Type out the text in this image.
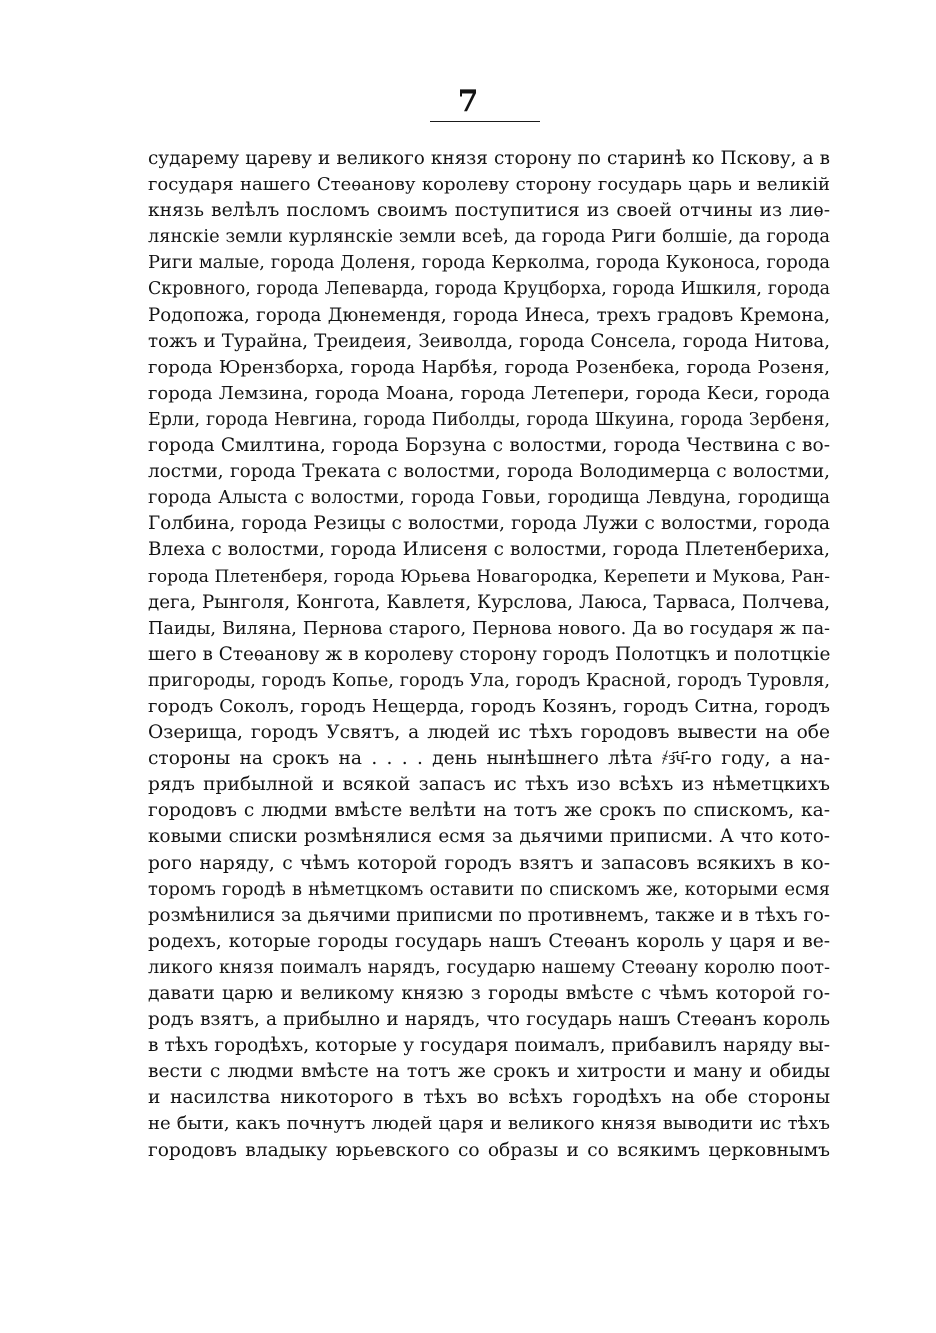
7
сударему цареву и великого князя сторону по старинѣ ко Пскову, а в
государя нашего Стеѳанову королеву сторону государь царь и великій
князь велѣлъ посломъ своимъ поступитися из своей отчины из лиѳ-
лянскіе земли курлянскіе земли всеѣ, да города Риги болшіе, да города
Риги малые, города Доленя, города Керколма, города Куконоса, города
Скровного, города Лепеварда, города Круцборха, города Ишкиля, города
Родопожа, города Дюнемендя, города Инеса, трехъ градовъ Кремона,
тожъ и Турайна, Треидеия, Зеиволда, города Сонсела, города Нитова,
города Юрензборха, города Нарбѣя, города Розенбека, города Розеня,
города Лемзина, города Моана, города Летепери, города Кеси, города
Ерли, города Невгина, города Пиболды, города Шкуина, города Зербеня,
города Смилтина, города Борзуна с волостми, города Чествина с во-
лостми, города Треката с волостми, города Володимерца с волостми,
города Алыста с волостми, города Говьи, городища Левдуна, городища
Голбина, города Резицы с волостми, города Лужи с волостми, города
Влеха с волостми, города Илисеня с волостми, города Плетенбериха,
города Плетенберя, города Юрьева Новагородка, Керепети и Мукова, Ран-
дега, Рынголя, Конгота, Кавлетя, Курслова, Лаюса, Тарваса, Полчева,
Паиды, Виляна, Пернова старого, Пернова нового. Да во государя ж па-
шего в Стеѳанову ж в королеву сторону городъ Полотцкъ и полотцкіе
пригороды, городъ Копье, городъ Ула, городъ Красной, городъ Туровля,
городъ Соколъ, городъ Нещерда, городъ Козянъ, городъ Ситна, городъ
Озерища, городъ Усвятъ, а людей ис тѣхъ городовъ вывести на обе
стороны на срокъ на . . . . день нынѣшнего лѣта ҂з҃ч҃-го году, а на-
рядъ прибылной и всякой запасъ ис тѣхъ изо всѣхъ из нѣметцкихъ
городовъ с людми вмѣсте велѣти на тотъ же срокъ по спискомъ, ка-
ковыми списки розмѣнялися есмя за дьячими приписми. А что кото-
рого наряду, с чѣмъ которой городъ взятъ и запасовъ всякихъ в ко-
торомъ городѣ в нѣметцкомъ оставити по спискомъ же, которыми есмя
розмѣнилися за дьячими приписми по противнемъ, также и в тѣхъ го-
родехъ, которые городы государь нашъ Стеѳанъ король у царя и ве-
ликого князя поималъ нарядъ, государю нашему Стеѳану королю поот-
давати царю и великому князю з городы вмѣсте с чѣмъ которой го-
родъ взятъ, а прибылно и нарядъ, что государь нашъ Стеѳанъ король
в тѣхъ городѣхъ, которые у государя поималъ, прибавилъ наряду вы-
вести с людми вмѣсте на тотъ же срокъ и хитрости и ману и обиды
и насилства никоторого в тѣхъ во всѣхъ городѣхъ на обе стороны
не быти, какъ почнутъ людей царя и великого князя выводити ис тѣхъ
городовъ владыку юрьевского со образы и со всякимъ церковнымъ
